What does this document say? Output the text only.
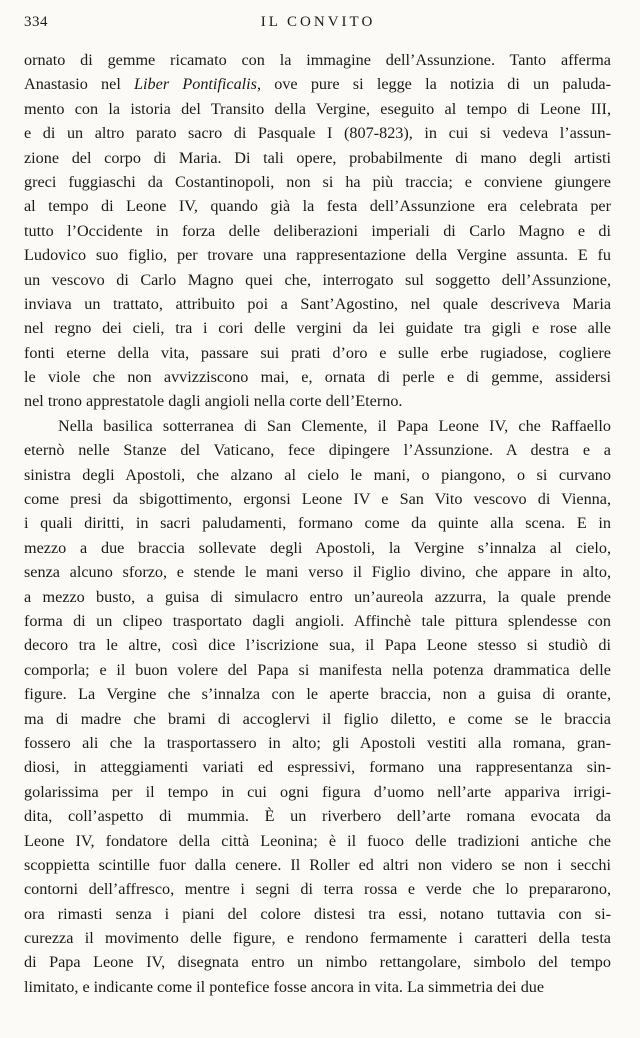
334	IL CONVITO
ornato di gemme ricamato con la immagine dell’Assunzione. Tanto afferma
Anastasio nel Liber Pontificalis, ove pure si legge la notizia di un paluda-
mento con la istoria del Transito della Vergine, eseguito al tempo di Leone III,
e di un altro parato sacro di Pasquale I (807-823), in cui si vedeva l’assun-
zione del corpo di Maria. Di tali opere, probabilmente di mano degli artisti
greci fuggiaschi da Costantinopoli, non si ha più traccia; e conviene giungere
al tempo di Leone IV, quando già la festa dell’Assunzione era celebrata per
tutto l’Occidente in forza delle deliberazioni imperiali di Carlo Magno e di
Ludovico suo figlio, per trovare una rappresentazione della Vergine assunta. E fu
un vescovo di Carlo Magno quei che, interrogato sul soggetto dell’Assunzione,
inviava un trattato, attribuito poi a Sant’Agostino, nel quale descriveva Maria
nel regno dei cieli, tra i cori delle vergini da lei guidate tra gigli e rose alle
fonti eterne della vita, passare sui prati d’oro e sulle erbe rugiadose, cogliere
le viole che non avvizziscono mai, e, ornata di perle e di gemme, assidersi
nel trono apprestatole dagli angioli nella corte dell’Eterno.
Nella basilica sotterranea di San Clemente, il Papa Leone IV, che Raffaello
eternò nelle Stanze del Vaticano, fece dipingere l’Assunzione. A destra e a
sinistra degli Apostoli, che alzano al cielo le mani, o piangono, o si curvano
come presi da sbigottimento, ergonsi Leone IV e San Vito vescovo di Vienna,
i quali diritti, in sacri paludamenti, formano come da quinte alla scena. E in
mezzo a due braccia sollevate degli Apostoli, la Vergine s’innalza al cielo,
senza alcuno sforzo, e stende le mani verso il Figlio divino, che appare in alto,
a mezzo busto, a guisa di simulacro entro un’aureola azzurra, la quale prende
forma di un clipeo trasportato dagli angioli. Affinchè tale pittura splendesse con
decoro tra le altre, così dice l’iscrizione sua, il Papa Leone stesso si studiò di
comporla; e il buon volere del Papa si manifesta nella potenza drammatica delle
figure. La Vergine che s’innalza con le aperte braccia, non a guisa di orante,
ma di madre che brami di accoglervi il figlio diletto, e come se le braccia
fossero ali che la trasportassero in alto; gli Apostoli vestiti alla romana, gran-
diosi, in atteggiamenti variati ed espressivi, formano una rappresentanza sin-
golarissima per il tempo in cui ogni figura d’uomo nell’arte appariva irrigi-
dita, coll’aspetto di mummia. È un riverbero dell’arte romana evocata da
Leone IV, fondatore della città Leonina; è il fuoco delle tradizioni antiche che
scoppietta scintille fuor dalla cenere. Il Roller ed altri non videro se non i secchi
contorni dell’affresco, mentre i segni di terra rossa e verde che lo prepararono,
ora rimasti senza i piani del colore distesi tra essi, notano tuttavia con si-
curezza il movimento delle figure, e rendono fermamente i caratteri della testa
di Papa Leone IV, disegnata entro un nimbo rettangolare, simbolo del tempo
limitato, e indicante come il pontefice fosse ancora in vita. La simmetria dei due
